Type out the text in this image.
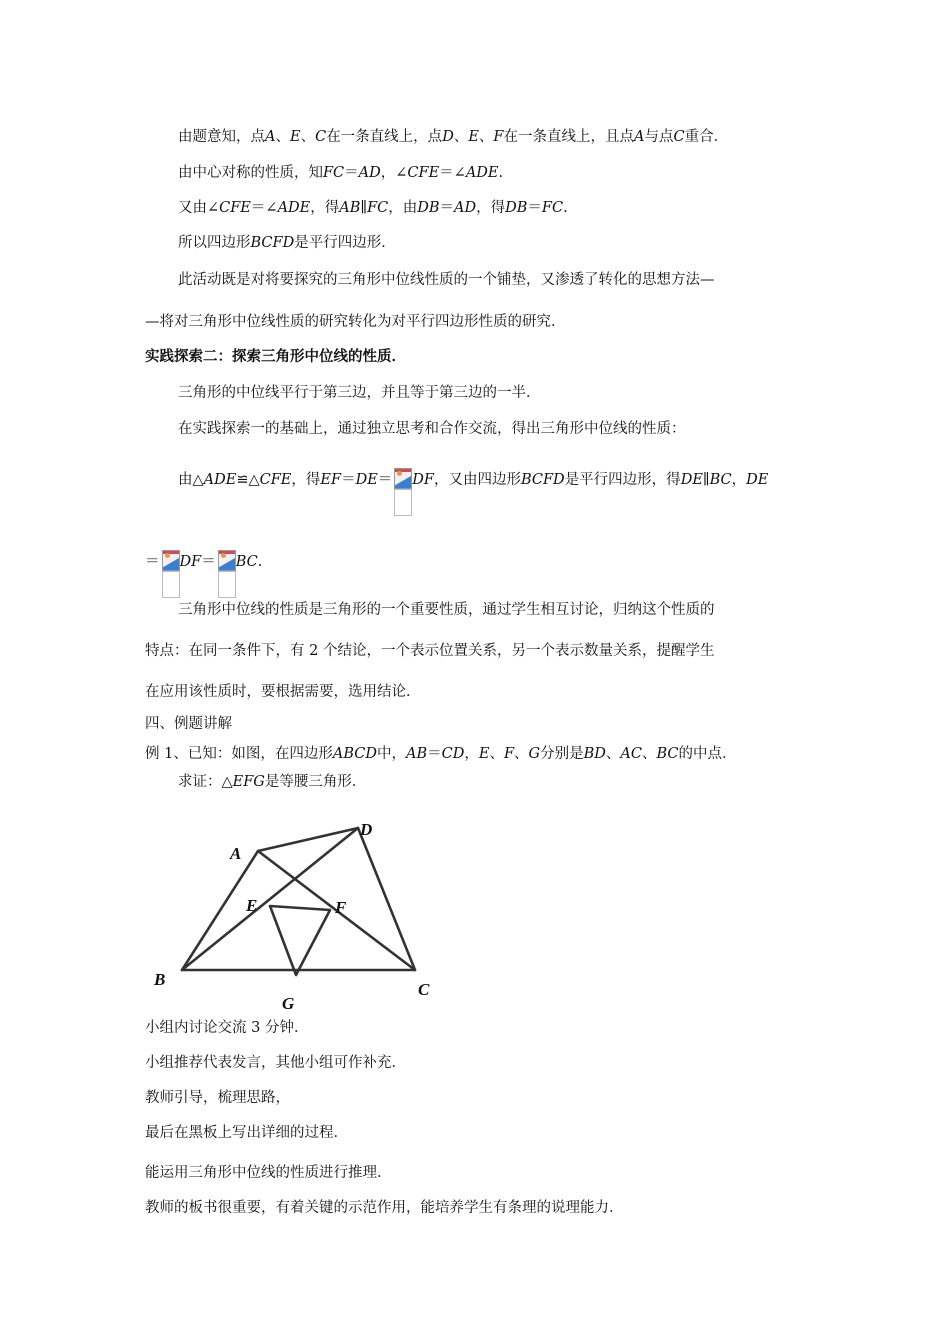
由题意知，点A、E、C在一条直线上，点D、E、F在一条直线上，且点A与点C重合．
由中心对称的性质，知FC＝AD，∠CFE＝∠ADE.
又由∠CFE＝∠ADE，得AB∥FC，由DB＝AD，得DB＝FC.
所以四边形BCFD是平行四边形．
此活动既是对将要探究的三角形中位线性质的一个铺垫，又渗透了转化的思想方法—
—将对三角形中位线性质的研究转化为对平行四边形性质的研究．
实践探索二：探索三角形中位线的性质．
三角形的中位线平行于第三边，并且等于第三边的一半．
在实践探索一的基础上，通过独立思考和合作交流，得出三角形中位线的性质：
由△ADE≌△CFE，得EF＝DE＝ DF，又由四边形BCFD是平行四边形，得DE∥BC，DE
＝ DF＝ BC.
三角形中位线的性质是三角形的一个重要性质，通过学生相互讨论，归纳这个性质的
特点：在同一条件下，有 2 个结论，一个表示位置关系，另一个表示数量关系，提醒学生
在应用该性质时，要根据需要，选用结论．
四、例题讲解
例 1、已知：如图，在四边形ABCD中，AB＝CD，E、F、G分别是BD、AC、BC的中点．
求证：△EFG是等腰三角形．
A
D
E	F
B
C
G
小组内讨论交流 3 分钟．
小组推荐代表发言，其他小组可作补充．
教师引导，梳理思路，
最后在黑板上写出详细的过程．
能运用三角形中位线的性质进行推理．
教师的板书很重要，有着关键的示范作用，能培养学生有条理的说理能力．
